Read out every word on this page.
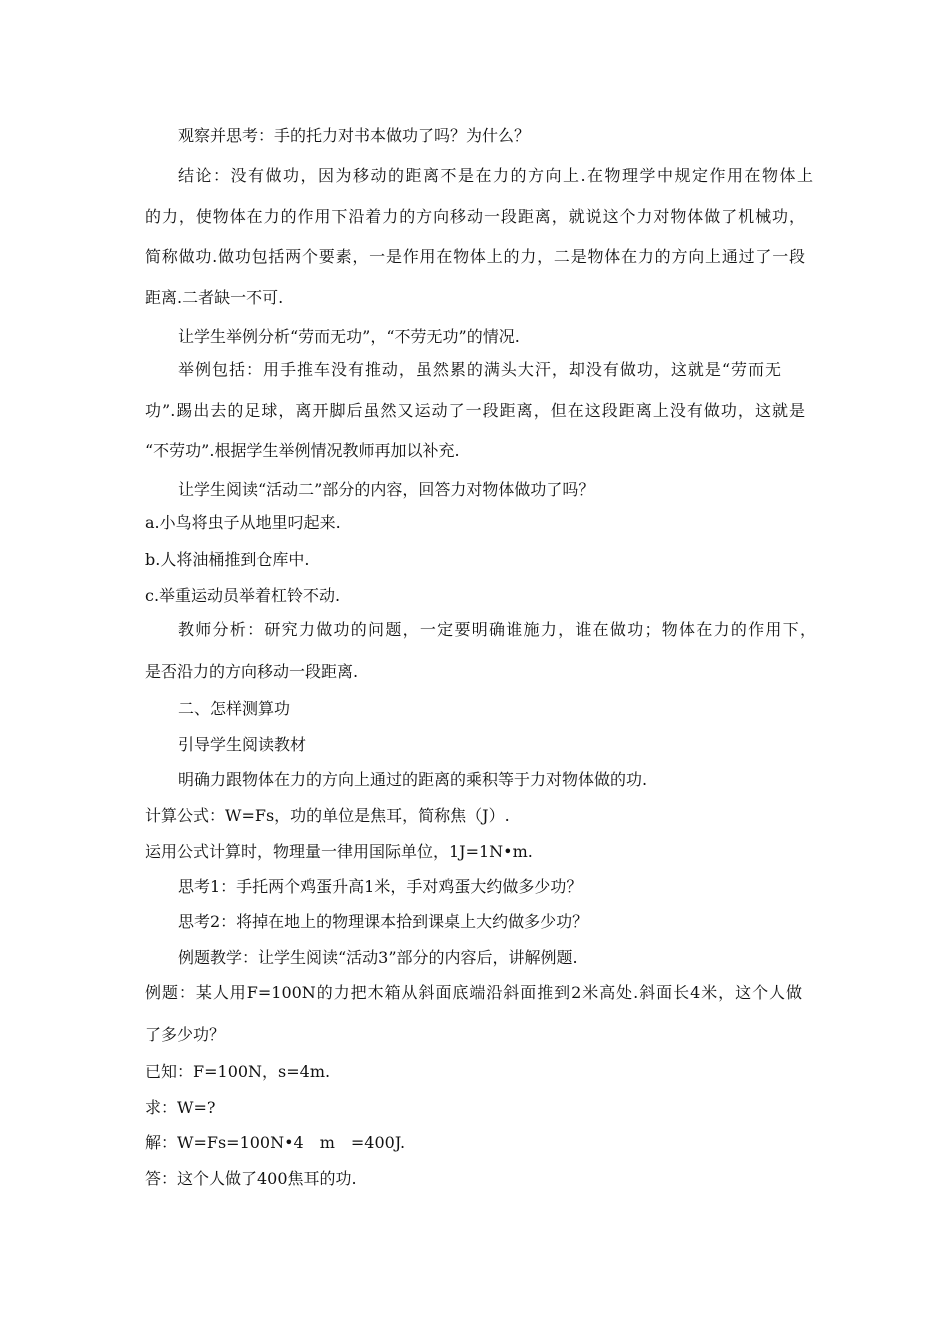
观察并思考：手的托力对书本做功了吗？为什么？
结论：没有做功，因为移动的距离不是在力的方向上.在物理学中规定作用在物体上
的力，使物体在力的作用下沿着力的方向移动一段距离，就说这个力对物体做了机械功，
简称做功.做功包括两个要素，一是作用在物体上的力，二是物体在力的方向上通过了一段
距离.二者缺一不可.
让学生举例分析“劳而无功”，“不劳无功”的情况.
举例包括：用手推车没有推动，虽然累的满头大汗，却没有做功，这就是“劳而无
功”.踢出去的足球，离开脚后虽然又运动了一段距离，但在这段距离上没有做功，这就是
“不劳功”.根据学生举例情况教师再加以补充.
让学生阅读“活动二”部分的内容，回答力对物体做功了吗？
a.小鸟将虫子从地里叼起来.
b.人将油桶推到仓库中.
c.举重运动员举着杠铃不动.
教师分析：研究力做功的问题，一定要明确谁施力，谁在做功；物体在力的作用下，
是否沿力的方向移动一段距离.
二、怎样测算功
引导学生阅读教材
明确力跟物体在力的方向上通过的距离的乘积等于力对物体做的功.
计算公式：W=Fs，功的单位是焦耳，简称焦（J）.
运用公式计算时，物理量一律用国际单位，1J=1N•m.
思考1：手托两个鸡蛋升高1米，手对鸡蛋大约做多少功？
思考2：将掉在地上的物理课本拾到课桌上大约做多少功？
例题教学：让学生阅读“活动3”部分的内容后，讲解例题.
例题：某人用F=100N的力把木箱从斜面底端沿斜面推到2米高处.斜面长4米，这个人做
了多少功？
已知：F=100N，s=4m.
求：W=?
解：W=Fs=100N•4　m　=400J.
答：这个人做了400焦耳的功.
